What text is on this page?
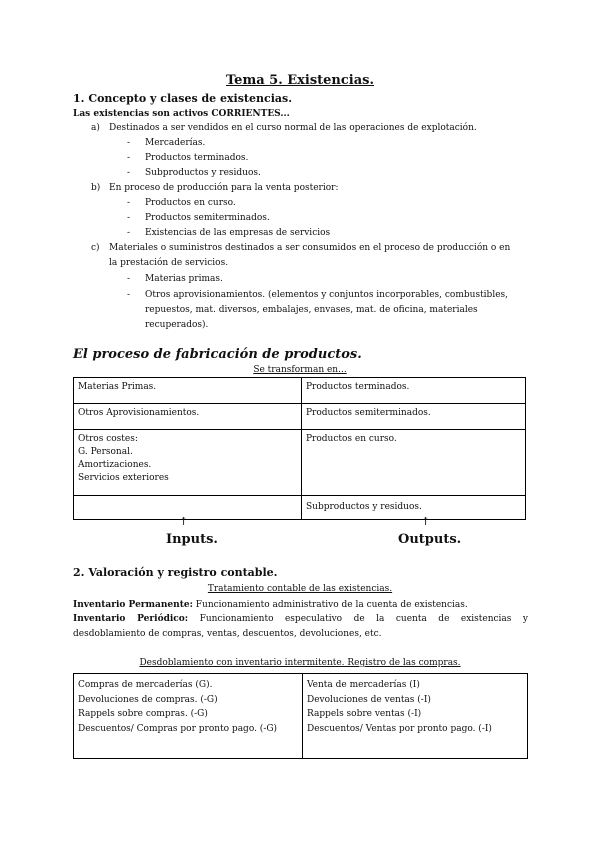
Tema 5. Existencias.
1. Concepto y clases de existencias.
Las existencias son activos CORRIENTES...
a) Destinados a ser vendidos en el curso normal de las operaciones de explotación.
- Mercaderías.
- Productos terminados.
- Subproductos y residuos.
b) En proceso de producción para la venta posterior:
- Productos en curso.
- Productos semiterminados.
- Existencias de las empresas de servicios
c) Materiales o suministros destinados a ser consumidos en el proceso de producción o en
la prestación de servicios.
- Materias primas.
- Otros aprovisionamientos. (elementos y conjuntos incorporables, combustibles,
repuestos, mat. diversos, embalajes, envases, mat. de oficina, materiales
recuperados).
El proceso de fabricación de productos.
Se transforman en...
Materias Primas.	Productos terminados.
Otros Aprovisionamientos.	Productos semiterminados.

Otros costes:
G. Personal.
Amortizaciones.
Servicios exteriores	Productos en curso.
	Subproductos y residuos.
↑	↑
Inputs.	Outputs.
2. Valoración y registro contable.
Tratamiento contable de las existencias.
Inventario Permanente: Funcionamiento administrativo de la cuenta de existencias.
Inventario Periódico: Funcionamiento especulativo de la cuenta de existencias y
desdoblamiento de compras, ventas, descuentos, devoluciones, etc.
Desdoblamiento con inventario intermitente. Registro de las compras.
Compras de mercaderías (G).
Devoluciones de compras. (-G)
Rappels sobre compras. (-G)
Descuentos/ Compras por pronto pago. (-G)

Venta de mercaderías (I)
Devoluciones de ventas (-I)
Rappels sobre ventas (-I)
Descuentos/ Ventas por pronto pago. (-I)
